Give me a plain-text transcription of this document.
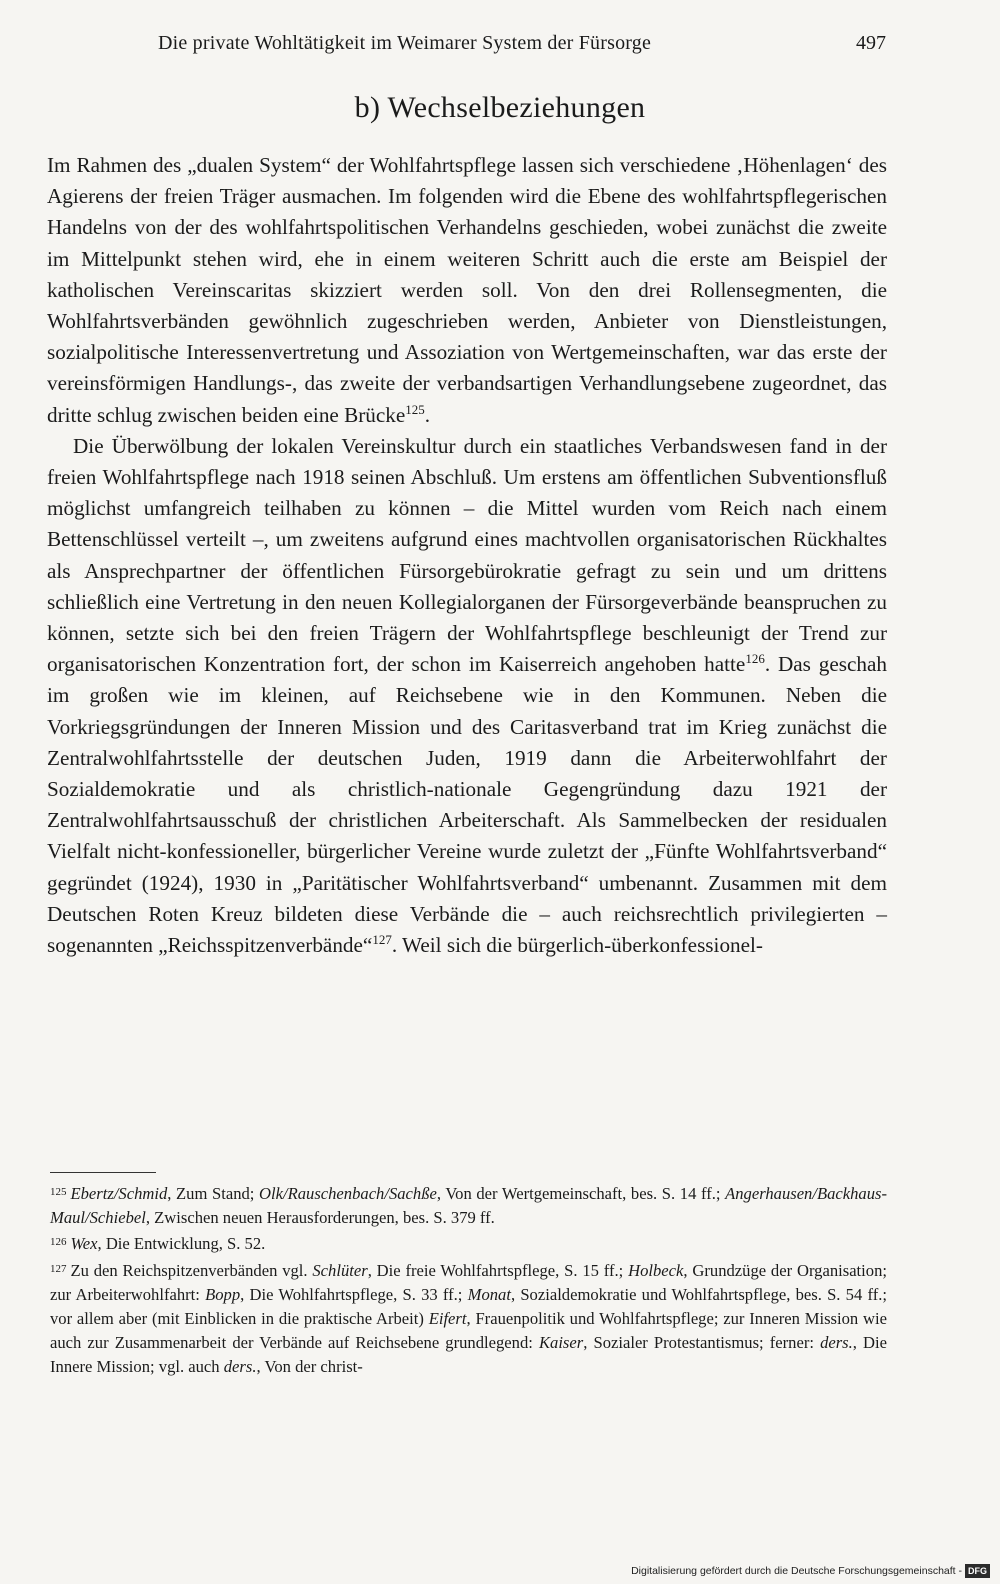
Die private Wohltätigkeit im Weimarer System der Fürsorge	497
b) Wechselbeziehungen

Im Rahmen des „dualen System“ der Wohlfahrtspflege lassen sich verschiedene ‚Höhenlagen‘ des Agierens der freien Träger ausmachen. Im folgenden wird die Ebene des wohlfahrtspflegerischen Handelns von der des wohlfahrtspolitischen Verhandelns geschieden, wobei zunächst die zweite im Mittelpunkt stehen wird, ehe in einem weiteren Schritt auch die erste am Beispiel der katholischen Vereinscaritas skizziert werden soll. Von den drei Rollensegmenten, die Wohlfahrtsverbänden gewöhnlich zugeschrieben werden, Anbieter von Dienstleistungen, sozialpolitische Interessenvertretung und Assoziation von Wertgemeinschaften, war das erste der vereinsförmigen Handlungs-, das zweite der verbandsartigen Verhandlungsebene zugeordnet, das dritte schlug zwischen beiden eine Brücke$^{125}$.

Die Überwölbung der lokalen Vereinskultur durch ein staatliches Verbandswesen fand in der freien Wohlfahrtspflege nach 1918 seinen Abschluß. Um erstens am öffentlichen Subventionsfluß möglichst umfangreich teilhaben zu können – die Mittel wurden vom Reich nach einem Bettenschlüssel verteilt –, um zweitens aufgrund eines machtvollen organisatorischen Rückhaltes als Ansprechpartner der öffentlichen Fürsorgebürokratie gefragt zu sein und um drittens schließlich eine Vertretung in den neuen Kollegialorganen der Fürsorgeverbände beanspruchen zu können, setzte sich bei den freien Trägern der Wohlfahrtspflege beschleunigt der Trend zur organisatorischen Konzentration fort, der schon im Kaiserreich angehoben hatte$^{126}$. Das geschah im großen wie im kleinen, auf Reichsebene wie in den Kommunen. Neben die Vorkriegsgründungen der Inneren Mission und des Caritasverband trat im Krieg zunächst die Zentralwohlfahrtsstelle der deutschen Juden, 1919 dann die Arbeiterwohlfahrt der Sozialdemokratie und als christlich-nationale Gegengründung dazu 1921 der Zentralwohlfahrtsausschuß der christlichen Arbeiterschaft. Als Sammelbecken der residualen Vielfalt nicht-konfessioneller, bürgerlicher Vereine wurde zuletzt der „Fünfte Wohlfahrtsverband“ gegründet (1924), 1930 in „Paritätischer Wohlfahrtsverband“ umbenannt. Zusammen mit dem Deutschen Roten Kreuz bildeten diese Verbände die – auch reichsrechtlich privilegierten – sogenannten „Reichsspitzenverbände“$^{127}$. Weil sich die bürgerlich-überkonfessionel-

$^{125}$ Ebertz/Schmid, Zum Stand; Olk/Rauschenbach/Sachße, Von der Wertgemeinschaft, bes. S. 14 ff.; Angerhausen/Backhaus-Maul/Schiebel, Zwischen neuen Herausforderungen, bes. S. 379 ff.

$^{126}$ Wex, Die Entwicklung, S. 52.

$^{127}$ Zu den Reichspitzenverbänden vgl. Schlüter, Die freie Wohlfahrtspflege, S. 15 ff.; Holbeck, Grundzüge der Organisation; zur Arbeiterwohlfahrt: Bopp, Die Wohlfahrtspflege, S. 33 ff.; Monat, Sozialdemokratie und Wohlfahrtspflege, bes. S. 54 ff.; vor allem aber (mit Einblicken in die praktische Arbeit) Eifert, Frauenpolitik und Wohlfahrtspflege; zur Inneren Mission wie auch zur Zusammenarbeit der Verbände auf Reichsebene grundlegend: Kaiser, Sozialer Protestantismus; ferner: ders., Die Innere Mission; vgl. auch ders., Von der christ-

Digitalisierung gefördert durch die Deutsche Forschungsgemeinschaft - DFG
